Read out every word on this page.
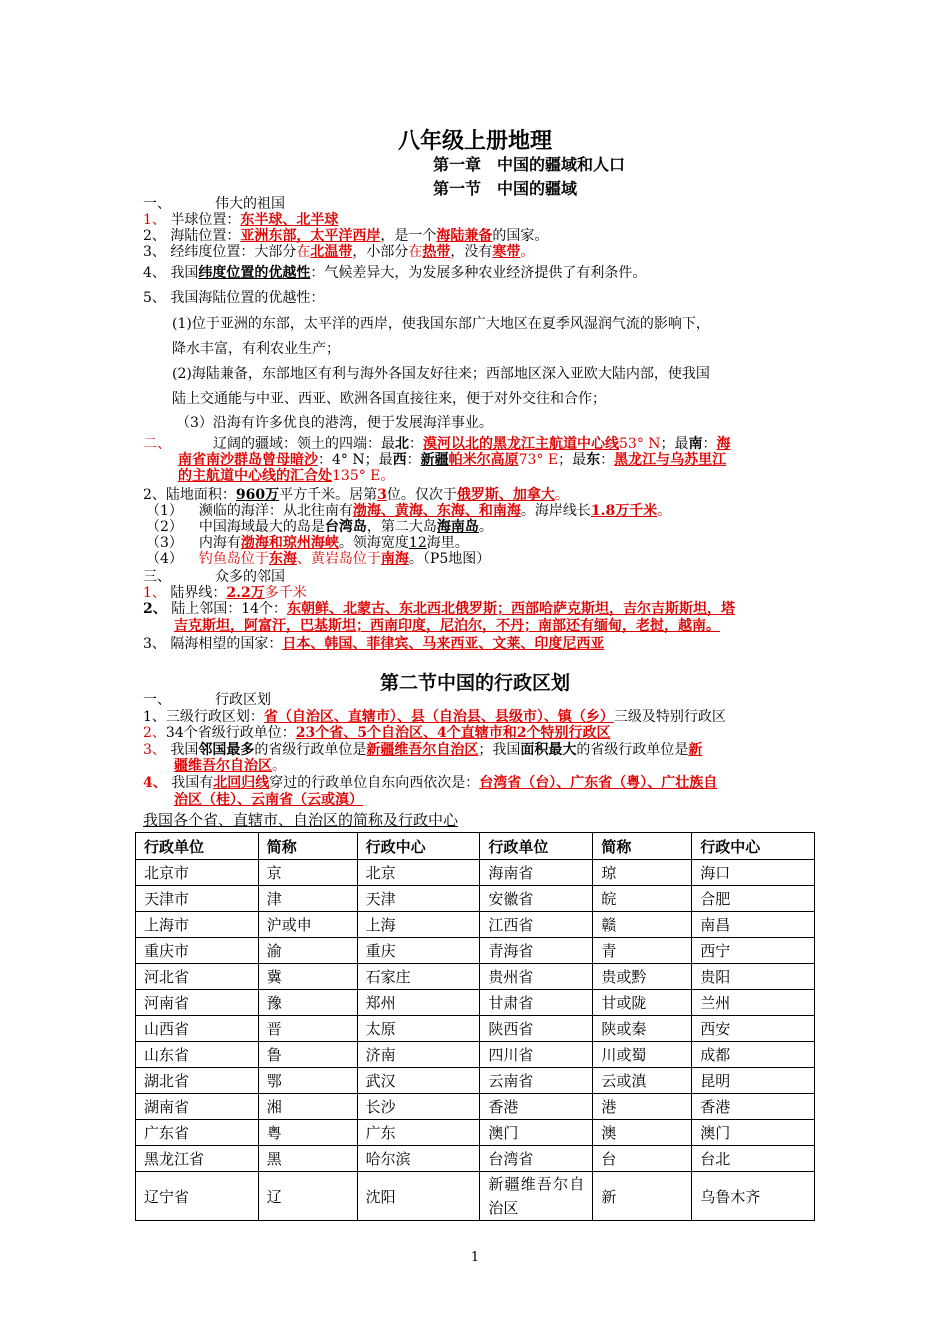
八年级上册地理
第一章　中国的疆域和人口
第一节　中国的疆域
一、	伟大的祖国
1、 半球位置：东半球、北半球
2、 海陆位置：亚洲东部，太平洋西岸，是一个海陆兼备的国家。
3、 经纬度位置：大部分在北温带，小部分在热带，没有寒带。
4、 我国纬度位置的优越性：气候差异大，为发展多种农业经济提供了有利条件。
5、 我国海陆位置的优越性：
(1)位于亚洲的东部，太平洋的西岸，使我国东部广大地区在夏季风湿润气流的影响下，
降水丰富，有利农业生产；
(2)海陆兼备，东部地区有利与海外各国友好往来；西部地区深入亚欧大陆内部，使我国
陆上交通能与中亚、西亚、欧洲各国直接往来，便于对外交往和合作；
（3）沿海有许多优良的港湾，便于发展海洋事业。
二、	辽阔的疆域：领土的四端：最北：漠河以北的黑龙江主航道中心线53° N；最南：海
南省南沙群岛曾母暗沙：4° N；最西：新疆帕米尔高原73° E；最东：黑龙江与乌苏里江
的主航道中心线的汇合处135° E。
2、陆地面积：960万平方千米。居第3位。仅次于俄罗斯、加拿大。
（1） 濒临的海洋：从北往南有渤海、黄海、东海、和南海。海岸线长1.8万千米。
（2） 中国海域最大的岛是台湾岛，第二大岛海南岛。
（3） 内海有渤海和琼州海峡。领海宽度12海里。
（4） 钓鱼岛位于东海、黄岩岛位于南海。（P5地图）
三、	众多的邻国
1、 陆界线：2.2万多千米
2、 陆上邻国：14个：东朝鲜、北蒙古、东北西北俄罗斯；西部哈萨克斯坦，吉尔吉斯斯坦，塔
吉克斯坦，阿富汗，巴基斯坦；西南印度，尼泊尔，不丹；南部还有缅甸，老挝，越南。
3、 隔海相望的国家：日本、韩国、菲律宾、马来西亚、文莱、印度尼西亚
第二节中国的行政区划
一、	行政区划
1、三级行政区划：省（自治区、直辖市）、县（自治县、县级市）、镇（乡）三级及特别行政区
2、34个省级行政单位：23个省、5个自治区、4个直辖市和2个特别行政区
3、 我国邻国最多的省级行政单位是新疆维吾尔自治区；我国面积最大的省级行政单位是新
疆维吾尔自治区。
4、 我国有北回归线穿过的行政单位自东向西依次是：台湾省（台）、广东省（粤）、广壮族自
治区（桂）、云南省（云或滇）
我国各个省、直辖市、自治区的简称及行政中心
行政单位	简称	行政中心	行政单位	简称	行政中心
北京市	京	北京	海南省	琼	海口
天津市	津	天津	安徽省	皖	合肥
上海市	沪或申	上海	江西省	赣	南昌
重庆市	渝	重庆	青海省	青	西宁
河北省	冀	石家庄	贵州省	贵或黔	贵阳
河南省	豫	郑州	甘肃省	甘或陇	兰州
山西省	晋	太原	陕西省	陕或秦	西安
山东省	鲁	济南	四川省	川或蜀	成都
湖北省	鄂	武汉	云南省	云或滇	昆明
湖南省	湘	长沙	香港	港	香港
广东省	粤	广东	澳门	澳	澳门
黑龙江省	黑	哈尔滨	台湾省	台	台北
辽宁省	辽	沈阳	新疆维吾尔自治区	新	乌鲁木齐
1
